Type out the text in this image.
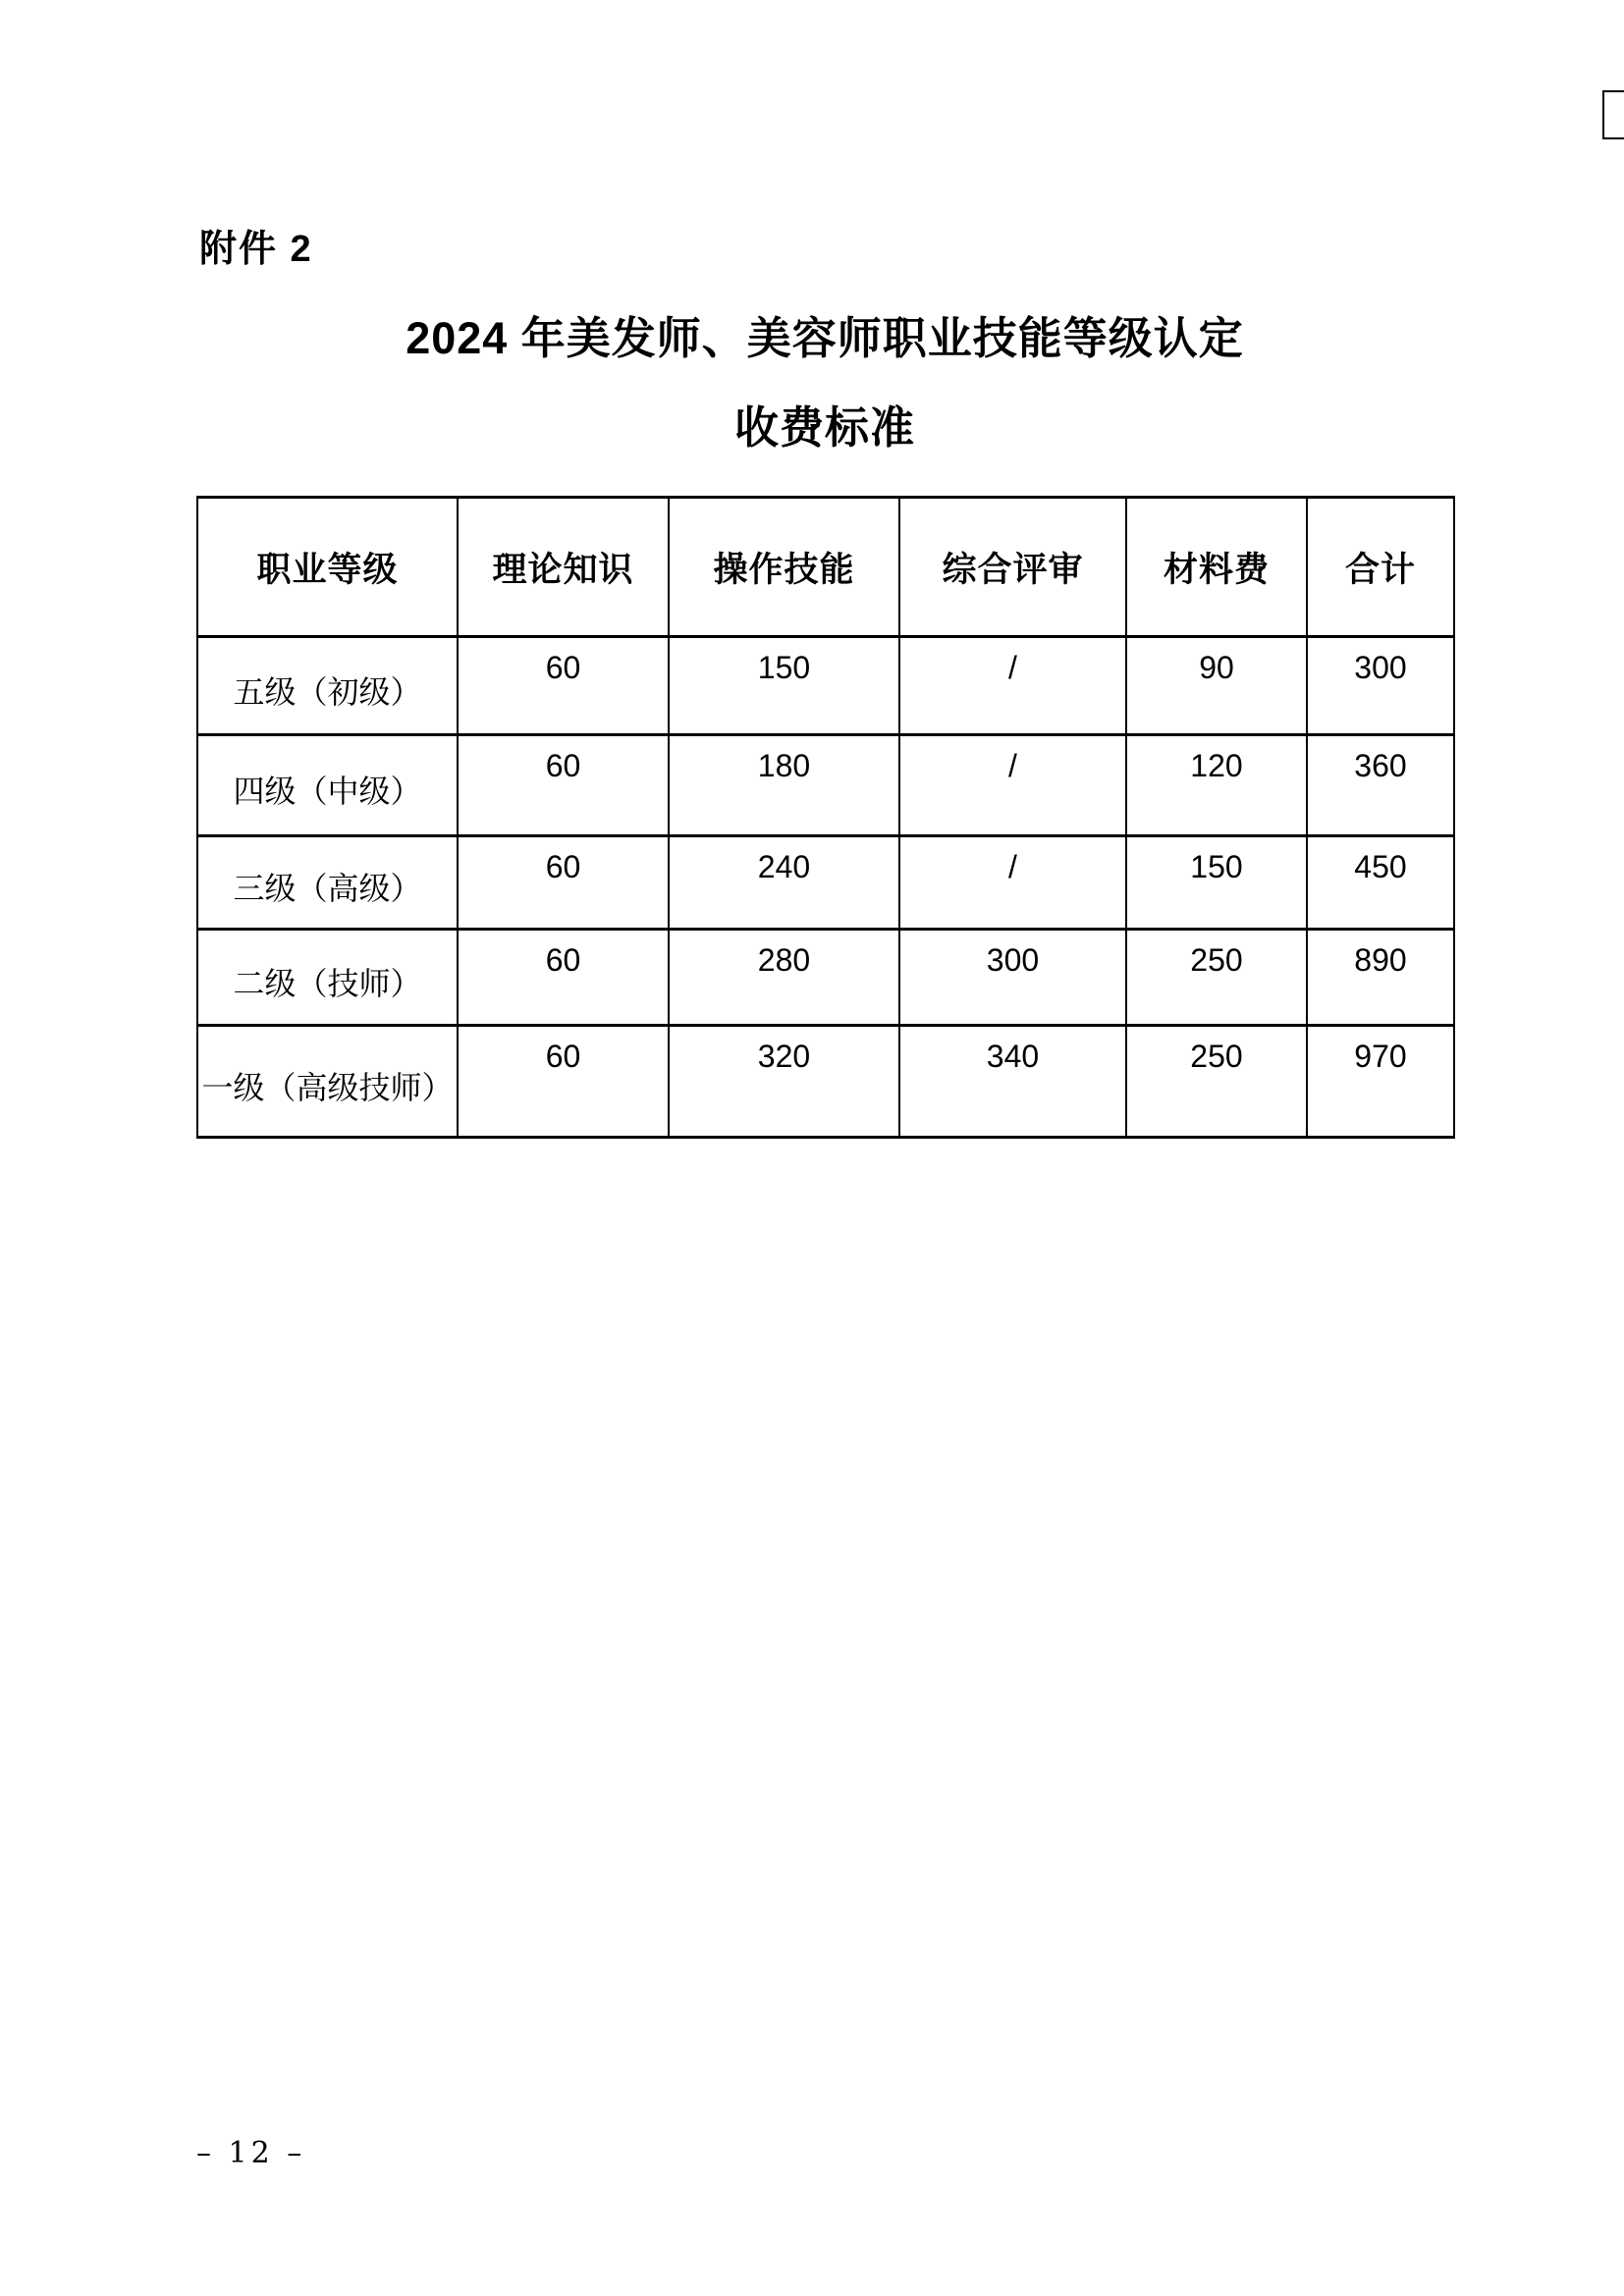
附件 2
2024 年美发师、美容师职业技能等级认定
收费标准
职业等级	理论知识	操作技能	综合评审	材料费	合计
五级（初级）	60	150	/	90	300
四级（中级）	60	180	/	120	360
三级（高级）	60	240	/	150	450
二级（技师）	60	280	300	250	890
一级（高级技师）	60	320	340	250	970
– 12 –
